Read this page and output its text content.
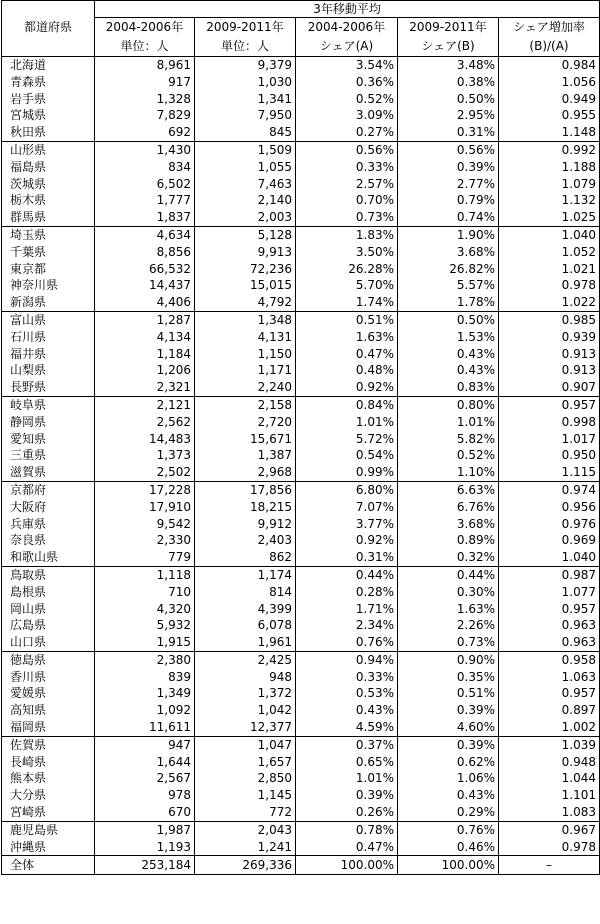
	3年移動平均				
都道府県	2004-2006年	2009-2011年	2004-2006年	2009-2011年	シェア増加率
	単位：人	単位：人	シェア(A)	シェア(B)	(B)/(A)
北海道	8,961	9,379	3.54%	3.48%	0.984
青森県	917	1,030	0.36%	0.38%	1.056
岩手県	1,328	1,341	0.52%	0.50%	0.949
宮城県	7,829	7,950	3.09%	2.95%	0.955
秋田県	692	845	0.27%	0.31%	1.148
山形県	1,430	1,509	0.56%	0.56%	0.992
福島県	834	1,055	0.33%	0.39%	1.188
茨城県	6,502	7,463	2.57%	2.77%	1.079
栃木県	1,777	2,140	0.70%	0.79%	1.132
群馬県	1,837	2,003	0.73%	0.74%	1.025
埼玉県	4,634	5,128	1.83%	1.90%	1.040
千葉県	8,856	9,913	3.50%	3.68%	1.052
東京都	66,532	72,236	26.28%	26.82%	1.021
神奈川県	14,437	15,015	5.70%	5.57%	0.978
新潟県	4,406	4,792	1.74%	1.78%	1.022
富山県	1,287	1,348	0.51%	0.50%	0.985
石川県	4,134	4,131	1.63%	1.53%	0.939
福井県	1,184	1,150	0.47%	0.43%	0.913
山梨県	1,206	1,171	0.48%	0.43%	0.913
長野県	2,321	2,240	0.92%	0.83%	0.907
岐阜県	2,121	2,158	0.84%	0.80%	0.957
静岡県	2,562	2,720	1.01%	1.01%	0.998
愛知県	14,483	15,671	5.72%	5.82%	1.017
三重県	1,373	1,387	0.54%	0.52%	0.950
滋賀県	2,502	2,968	0.99%	1.10%	1.115
京都府	17,228	17,856	6.80%	6.63%	0.974
大阪府	17,910	18,215	7.07%	6.76%	0.956
兵庫県	9,542	9,912	3.77%	3.68%	0.976
奈良県	2,330	2,403	0.92%	0.89%	0.969
和歌山県	779	862	0.31%	0.32%	1.040
鳥取県	1,118	1,174	0.44%	0.44%	0.987
島根県	710	814	0.28%	0.30%	1.077
岡山県	4,320	4,399	1.71%	1.63%	0.957
広島県	5,932	6,078	2.34%	2.26%	0.963
山口県	1,915	1,961	0.76%	0.73%	0.963
徳島県	2,380	2,425	0.94%	0.90%	0.958
香川県	839	948	0.33%	0.35%	1.063
愛媛県	1,349	1,372	0.53%	0.51%	0.957
高知県	1,092	1,042	0.43%	0.39%	0.897
福岡県	11,611	12,377	4.59%	4.60%	1.002
佐賀県	947	1,047	0.37%	0.39%	1.039
長崎県	1,644	1,657	0.65%	0.62%	0.948
熊本県	2,567	2,850	1.01%	1.06%	1.044
大分県	978	1,145	0.39%	0.43%	1.101
宮崎県	670	772	0.26%	0.29%	1.083
鹿児島県	1,987	2,043	0.78%	0.76%	0.967
沖縄県	1,193	1,241	0.47%	0.46%	0.978
全体	253,184	269,336	100.00%	100.00%	–
